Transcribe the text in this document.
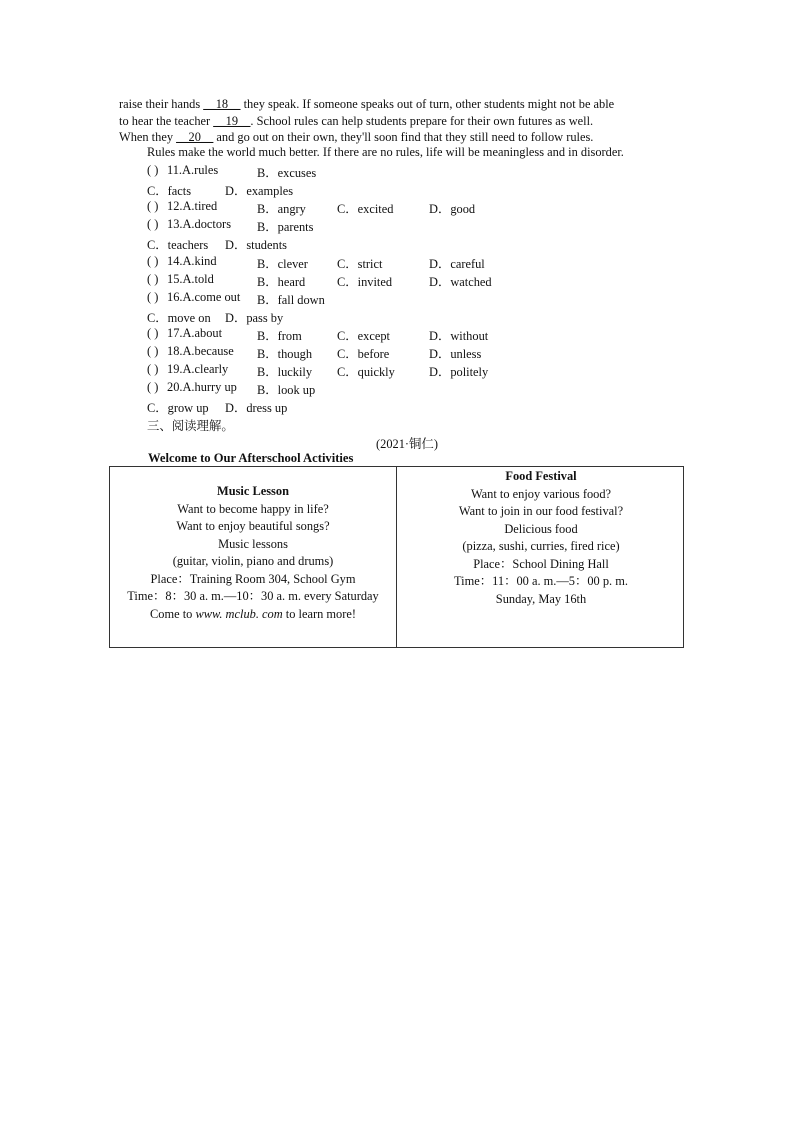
raise their hands __18__ they speak. If someone speaks out of turn, other students might not be able
to hear the teacher __19__. School rules can help students prepare for their own futures as well.
When they __20__ and go out on their own, they'll soon find that they still need to follow rules.
Rules make the world much better. If there are no rules, life will be meaningless and in disorder.
( ) 11.A.rules	B．excuses
C．facts	D．examples
( ) 12.A.tired	B．angry	C．excited	D．good
( ) 13.A.doctors B．parents
C．teachers D．students
( ) 14.A.kind	B．clever C．strict	D．careful
( ) 15.A.told	B．heard	C．invited	D．watched
( ) 16.A.come out B．fall down
C．move on D．pass by
( ) 17.A.about	B．from	C．except	D．without
( ) 18.A.because B．though C．before	D．unless
( ) 19.A.clearly B．luckily C．quickly	D．politely
( ) 20.A.hurry up B．look up
C．grow up D．dress up
三、阅读理解。
(2021·铜仁)
Welcome to Our Afterschool Activities
Music Lesson
Want to become happy in life?
Want to enjoy beautiful songs?
Music lessons
(guitar, violin, piano and drums)
Place：Training Room 304, School Gym
Time：8：30 a. m.—10：30 a. m. every Saturday
Come to www. mclub. com to learn more!
Food Festival
Want to enjoy various food?
Want to join in our food festival?
Delicious food
(pizza, sushi, curries, fired rice)
Place：School Dining Hall
Time：11：00 a. m.—5：00 p. m.
Sunday, May 16th
